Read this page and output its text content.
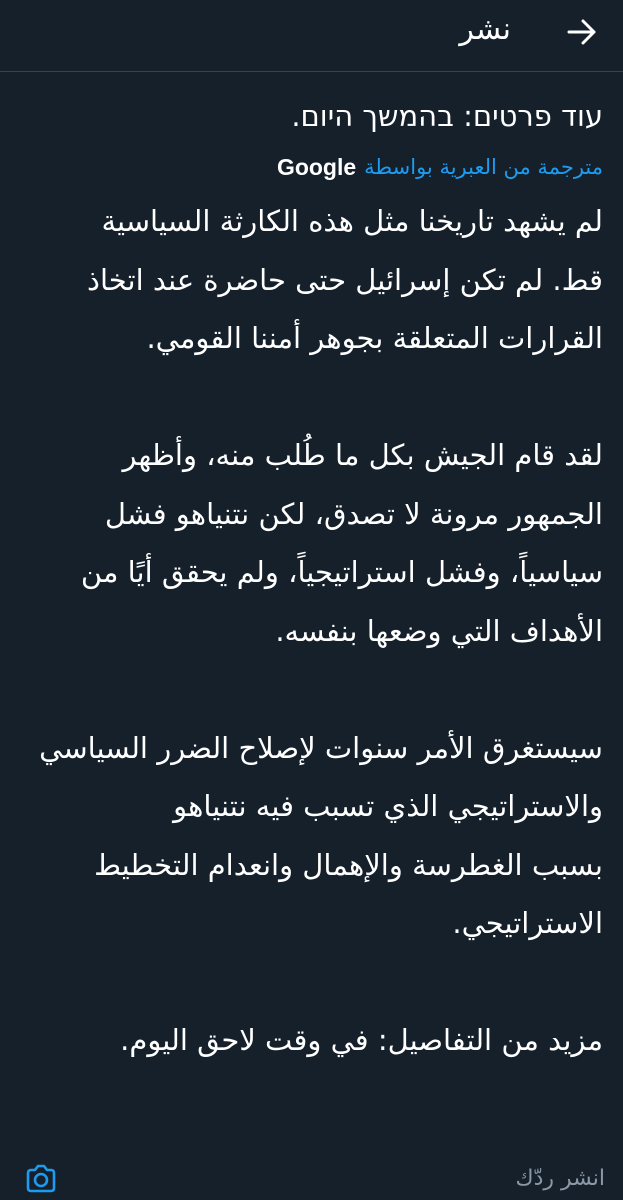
نشر
עוד פרטים: בהמשך היום.
مترجمة من العبرية بواسطة
Google
لم يشهد تاريخنا مثل هذه الكارثة السياسية
قط. لم تكن إسرائيل حتى حاضرة عند اتخاذ
القرارات المتعلقة بجوهر أمننا القومي.
لقد قام الجيش بكل ما طُلب منه، وأظهر
الجمهور مرونة لا تصدق، لكن نتنياهو فشل
سياسياً، وفشل استراتيجياً، ولم يحقق أيًا من
الأهداف التي وضعها بنفسه.
سيستغرق الأمر سنوات لإصلاح الضرر السياسي
والاستراتيجي الذي تسبب فيه نتنياهو
بسبب الغطرسة والإهمال وانعدام التخطيط
الاستراتيجي.
مزيد من التفاصيل: في وقت لاحق اليوم.
انشر ردّك
